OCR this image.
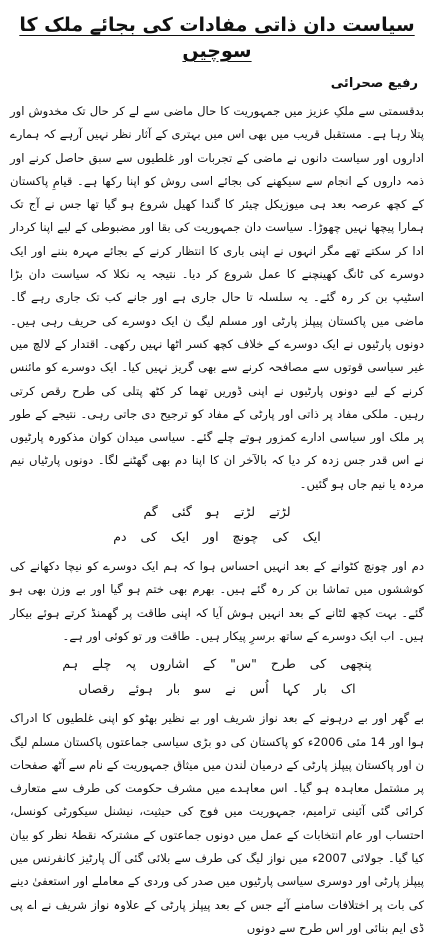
سیاست دان ذاتی مفادات کی بجائے ملک کا سوچیں
رفیع صحرائی

بدقسمتی سے ملکِ عزیز میں جمہوریت کا حال ماضی سے لے کر حال تک مخدوش اور پتلا رہا ہے۔ مستقبل قریب میں بھی اس میں بہتری کے آثار نظر نہیں آرہے کہ ہمارے اداروں اور سیاست دانوں نے ماضی کے تجربات اور غلطیوں سے سبق حاصل کرنے اور ذمہ داروں کے انجام سے سیکھنے کی بجائے اسی روش کو اپنا رکھا ہے۔ قیامِ پاکستان کے کچھ عرصہ بعد ہی میوزیکل چیئر کا گندا کھیل شروع ہو گیا تھا جس نے آج تک ہمارا پیچھا نہیں چھوڑا۔ سیاست دان جمہوریت کی بقا اور مضبوطی کے لیے اپنا کردار ادا کر سکتے تھے مگر انہوں نے اپنی باری کا انتظار کرنے کے بجائے مہرہ بننے اور ایک دوسرے کی ٹانگ کھینچنے کا عمل شروع کر دیا۔ نتیجہ یہ نکلا کہ سیاست دان بڑا اسٹیپ بن کر رہ گئے۔ یہ سلسلہ تا حال جاری ہے اور جانے کب تک جاری رہے گا۔ ماضی میں پاکستان پیپلز پارٹی اور مسلم لیگ ن ایک دوسرے کی حریف رہی ہیں۔ دونوں پارٹیوں نے ایک دوسرے کے خلاف کچھ کسر اٹھا نہیں رکھی۔ اقتدار کے لالچ میں غیر سیاسی قوتوں سے مصافحہ کرنے سے بھی گریز نہیں کیا۔ ایک دوسرے کو مائنس کرنے کے لیے دونوں پارٹیوں نے اپنی ڈوریں تھما کر کٹھ پتلی کی طرح رقص کرتی رہیں۔ ملکی مفاد پر ذاتی اور پارٹی کے مفاد کو ترجیح دی جاتی رہی۔ نتیجے کے طور پر ملک اور سیاسی ادارے کمزور ہوتے چلے گئے۔ سیاسی میدان کوان مذکورہ پارٹیوں نے اس قدر جس زدہ کر دیا کہ بالآخر ان کا اپنا دم بھی گھٹنے لگا۔ دونوں پارٹیاں نیم مردہ یا نیم جاں ہو گئیں۔

لڑتے لڑتے ہو گئی گم
ایک کی چونچ اور ایک کی دم

دم اور چونچ کٹوانے کے بعد انہیں احساس ہوا کہ ہم ایک دوسرے کو نیچا دکھانے کی کوششوں میں تماشا بن کر رہ گئے ہیں۔ بھرم بھی ختم ہو گیا اور بے وزن بھی ہو گئے۔ بہت کچھ لٹانے کے بعد انہیں ہوش آیا کہ اپنی طاقت پر گھمنڈ کرتے ہوئے بیکار ہیں۔ اب ایک دوسرے کے ساتھ برسرِ پیکار ہیں۔ طاقت ور تو کوئی اور ہے۔

پنچھی کی طرح "س" کے اشاروں پہ چلے ہم
اک بار کہا اُس نے سو بار ہوئے رقصاں

بے گھر اور بے درہونے کے بعد نواز شریف اور بے نظیر بھٹو کو اپنی غلطیوں کا ادراک ہوا اور 14 مئی 2006ء کو پاکستان کی دو بڑی سیاسی جماعتوں پاکستان مسلم لیگ ن اور پاکستان پیپلز پارٹی کے درمیان لندن میں میثاق جمہوریت کے نام سے آٹھ صفحات پر مشتمل معاہدہ ہو گیا۔ اس معاہدے میں مشرف حکومت کی طرف سے متعارف کرائی گئی آئینی ترامیم، جمہوریت میں فوج کی حیثیت، نیشنل سیکورٹی کونسل، احتساب اور عام انتخابات کے عمل میں دونوں جماعتوں کے مشترکہ نقطۂ نظر کو بیان کیا گیا۔ جولائی 2007ء میں نواز لیگ کی طرف سے بلائی گئی آل پارٹیز کانفرنس میں پیپلز پارٹی اور دوسری سیاسی پارٹیوں میں صدر کی وردی کے معاملے اور استعفیٰ دینے کی بات پر اختلافات سامنے آئے جس کے بعد پیپلز پارٹی کے علاوہ نواز شریف نے اے پی ڈی ایم بنائی اور اس طرح سے دونوں
